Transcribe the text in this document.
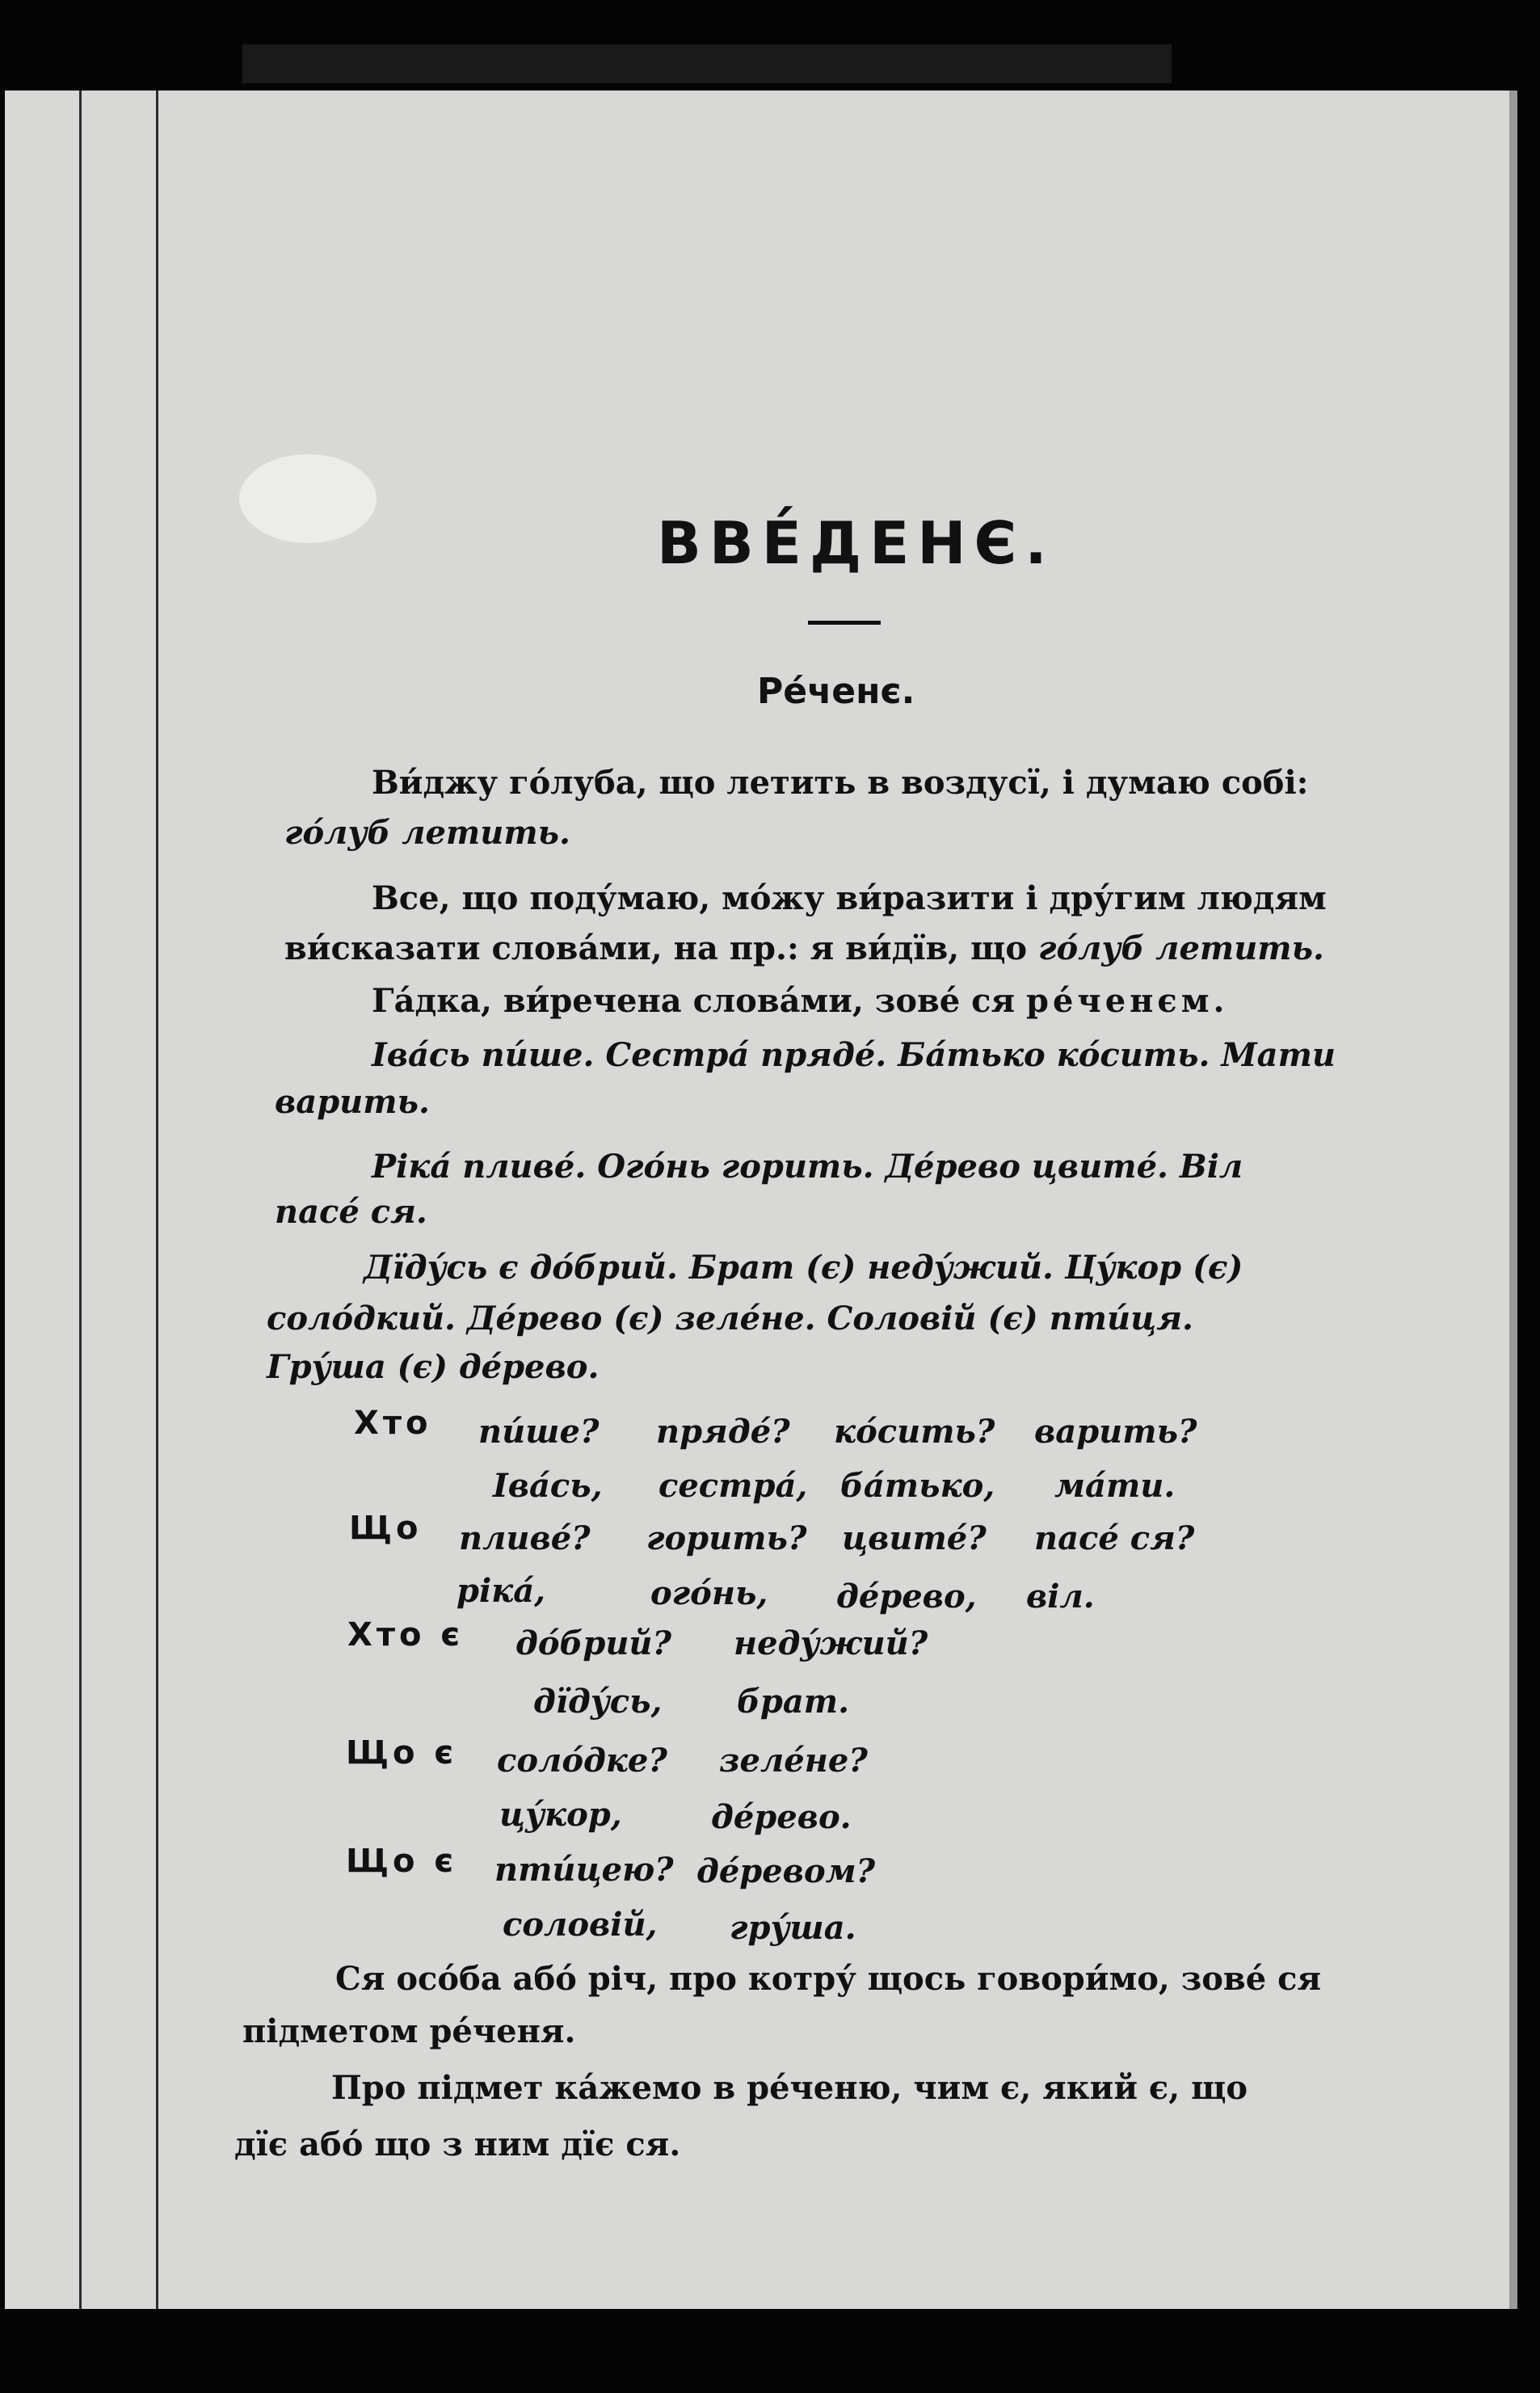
ВВЕ́ДЕНЄ.
Ре́ченє.
Ви́джу го́луба, що летить в воздусї, і думаю собі:
го́луб летить.
Все, що поду́маю, мо́жу ви́разити і дру́гим людям
ви́сказати слова́ми, на пр.: я ви́дїв, що го́луб летить.
Га́дка, ви́речена слова́ми, зове́ ся ре́ченєм.
Іва́сь пи́ше. Сестра́ пряде́. Ба́тько ко́сить. Мати
варить.
Рiка́ пливе́. Ого́нь горить. Де́рево цвите́. Віл
пасе́ ся.
Дїду́сь є до́брий. Брат (є) неду́жий. Цу́кор (є)
соло́дкий. Де́рево (є) зеле́не. Соловій (є) пти́ця.
Гру́ша (є) де́рево.
Хто пи́ше? пряде́? ко́сить? варить?
Іва́сь, сестра́, ба́тько, ма́ти.
Що пливе́? горить? цвите́? пасе́ ся?
рiка́,	ого́нь, де́рево, віл.
Хто є до́брий? неду́жий?
дїду́сь, брат.
Що є соло́дке? зеле́не?
цу́кор,	де́рево.
Що є пти́цею? де́ревом?
соловій, гру́ша.
Ся осо́ба або́ річ, про котру́ щось говори́мо, зове́ ся
підметом ре́ченя.
Про підмет ка́жемо в ре́ченю, чим є, який є, що
дїє або́ що з ним дїє ся.
